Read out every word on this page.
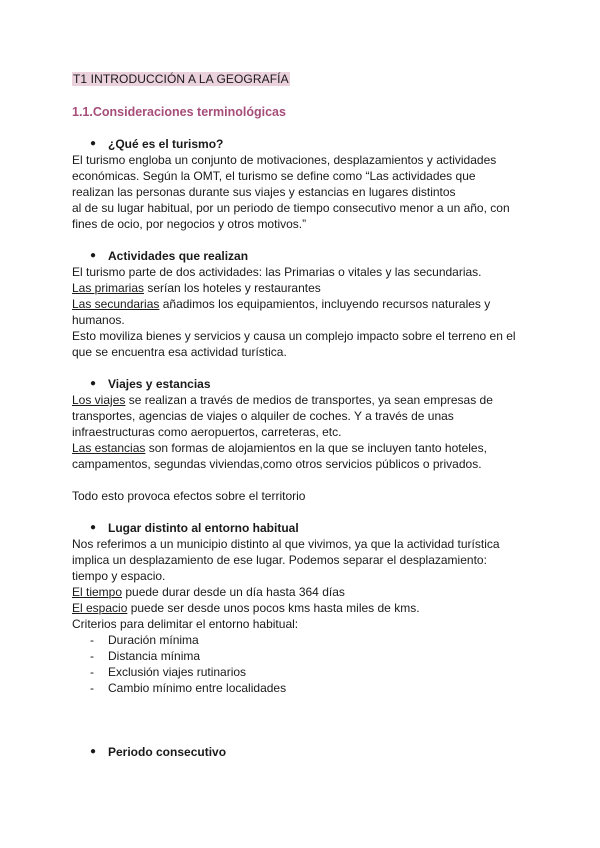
T1 INTRODUCCIÓN A LA GEOGRAFÍA
1.1.Consideraciones terminológicas
● ¿Qué es el turismo?
El turismo engloba un conjunto de motivaciones, desplazamientos y actividades
económicas. Según la OMT, el turismo se define como “Las actividades que
realizan las personas durante sus viajes y estancias en lugares distintos
al de su lugar habitual, por un periodo de tiempo consecutivo menor a un año, con
fines de ocio, por negocios y otros motivos.”
● Actividades que realizan
El turismo parte de dos actividades: las Primarias o vitales y las secundarias.
Las primarias serían los hoteles y restaurantes
Las secundarias añadimos los equipamientos, incluyendo recursos naturales y
humanos.
Esto moviliza bienes y servicios y causa un complejo impacto sobre el terreno en el
que se encuentra esa actividad turística.
● Viajes y estancias
Los viajes se realizan a través de medios de transportes, ya sean empresas de
transportes, agencias de viajes o alquiler de coches. Y a través de unas
infraestructuras como aeropuertos, carreteras, etc.
Las estancias son formas de alojamientos en la que se incluyen tanto hoteles,
campamentos, segundas viviendas,como otros servicios públicos o privados.
Todo esto provoca efectos sobre el territorio
● Lugar distinto al entorno habitual
Nos referimos a un municipio distinto al que vivimos, ya que la actividad turística
implica un desplazamiento de ese lugar. Podemos separar el desplazamiento:
tiempo y espacio.
El tiempo puede durar desde un día hasta 364 días
El espacio puede ser desde unos pocos kms hasta miles de kms.
Criterios para delimitar el entorno habitual:
- Duración mínima
- Distancia mínima
- Exclusión viajes rutinarios
- Cambio mínimo entre localidades
● Periodo consecutivo
